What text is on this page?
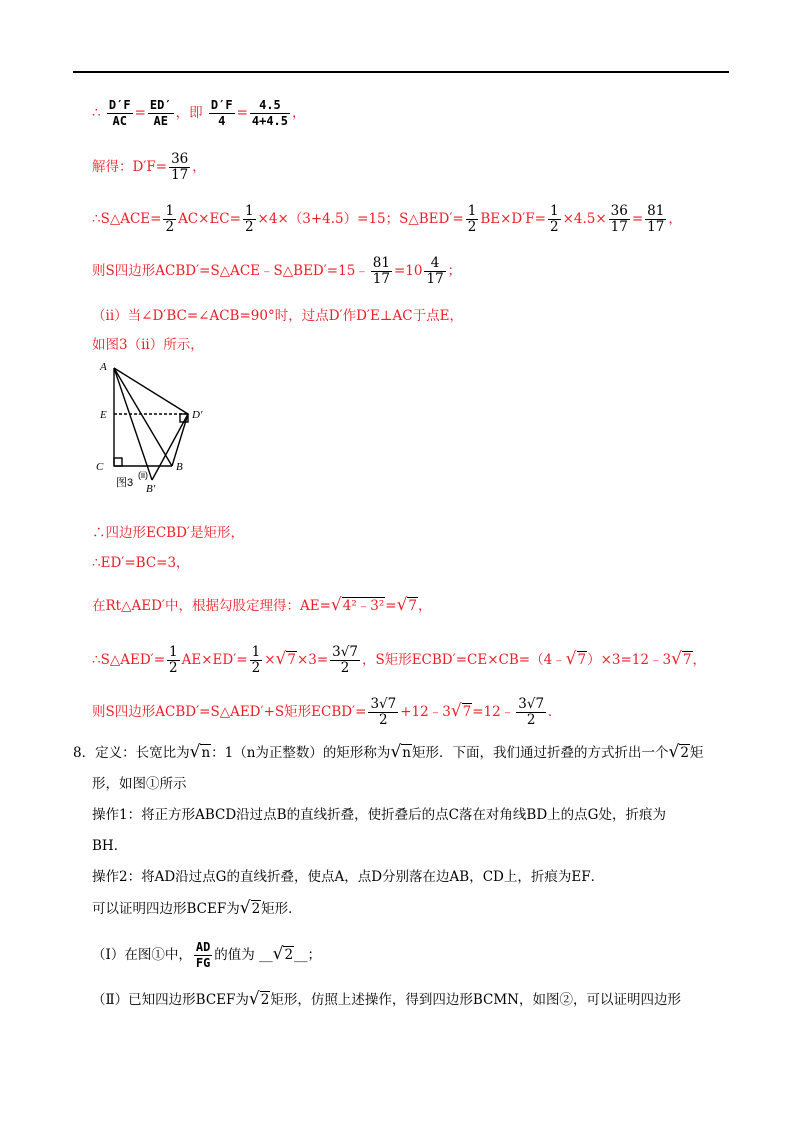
∴ $\frac{D'F}{AC} = \frac{ED'}{AE}$ ，即 $\frac{D'F}{4} = \frac{4.5}{4+4.5}$ ，
解得：$D'F= \frac{36}{17}$ ，
∴S△ACE= $\frac{1}{2} AC\times EC= \frac{1}{2} \times 4\times(3+4.5)=15$；S△BED′= $\frac{1}{2} BE\times D'F= \frac{1}{2} \times 4.5\times \frac{36}{17} = \frac{81}{17}$ ，
则S四边形ACBD′=S△ACE﹣S△BED′=15﹣ $\frac{81}{17} =10 \frac{4}{17}$ ；
（ii）当∠D′BC=∠ACB=90°时，过点D′作D′E⊥AC于点E，
如图3（ii）所示，
A
E
C
D′
B
B′
图3
(ii)
∴四边形ECBD′是矩形，
∴ED′=BC=3，
在Rt△AED′中，根据勾股定理得：AE=√4²﹣3²=√7，
∴S△AED′= $\frac{1}{2} AE\times ED'= \frac{1}{2} \times√7\times 3= \frac{3√7}{2}$ ，S矩形ECBD′=CE×CB=（4﹣√7）×3=12﹣3√7，
则S四边形ACBD′=S△AED′+S矩形ECBD′= $\frac{3√7}{2}$ +12﹣3√7=12﹣ $\frac{3√7}{2}$ ．
8．定义：长宽比为√n：1（n为正整数）的矩形称为√n矩形．下面，我们通过折叠的方式折出一个√2矩
形，如图①所示
操作1：将正方形ABCD沿过点B的直线折叠，使折叠后的点C落在对角线BD上的点G处，折痕为
BH．
操作2：将AD沿过点G的直线折叠，使点A，点D分别落在边AB，CD上，折痕为EF．
可以证明四边形BCEF为√2矩形．
（Ⅰ）在图①中， $\frac{AD}{FG}$ 的值为 __√2__；
（Ⅱ）已知四边形BCEF为√2矩形，仿照上述操作，得到四边形BCMN，如图②，可以证明四边形
